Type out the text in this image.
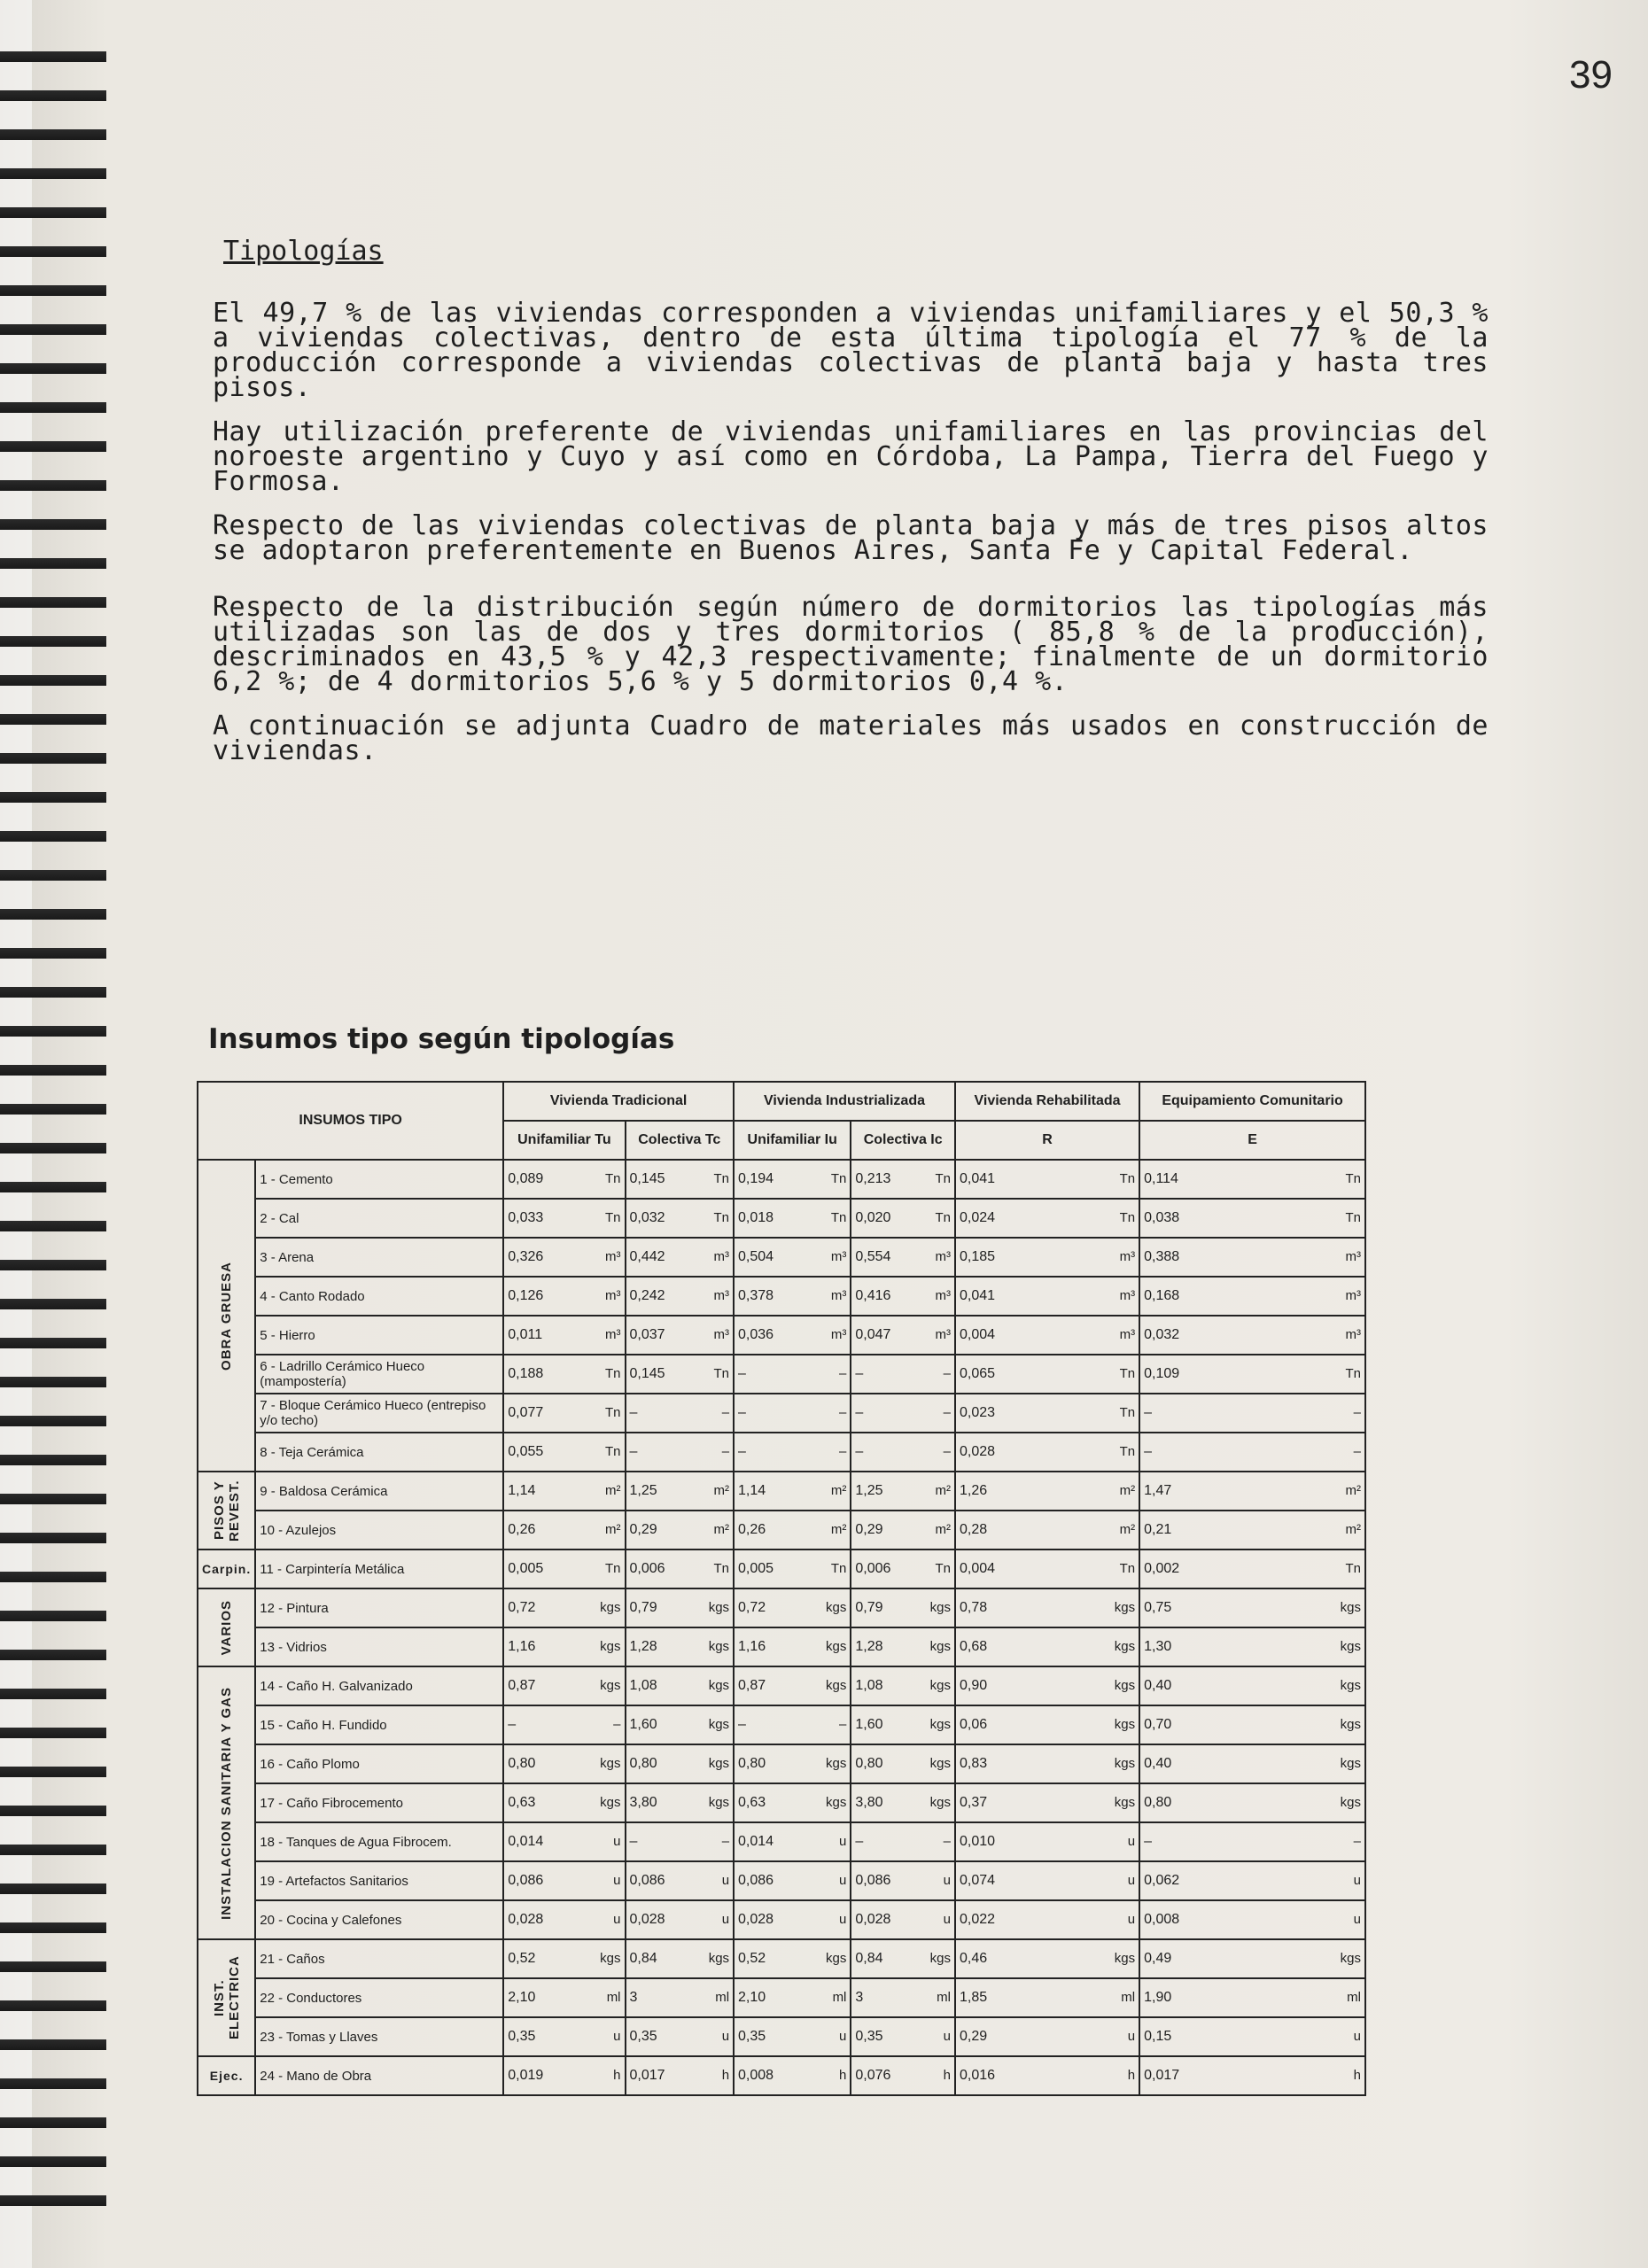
39
Tipologías

El 49,7 % de las viviendas corresponden a viviendas unifamiliares y el 50,3 % a viviendas colectivas, dentro de esta última tipología el 77 % de la producción corresponde a viviendas colectivas de planta baja y hasta tres pisos.

Hay utilización preferente de viviendas unifamiliares en las provincias del noroeste argentino y Cuyo y así como en Córdoba, La Pampa, Tierra del Fuego y Formosa.

Respecto de las viviendas colectivas de planta baja y más de tres pisos altos se adoptaron preferentemente en Buenos Aires, Santa Fe y Capital Federal.

Respecto de la distribución según número de dormitorios las tipologías más utilizadas son las de dos y tres dormitorios ( 85,8 % de la producción), descriminados en 43,5 % y 42,3 respectivamente; finalmente de un dormitorio 6,2 %; de 4 dormitorios 5,6 % y 5 dormitorios 0,4 %.

A continuación se adjunta Cuadro de materiales más usados en construcción de viviendas.

Insumos tipo según tipologías
INSUMOS TIPO		Vivienda Tradicional		Vivienda Industrializada		Vivienda Rehabilitada	Equipamiento Comunitario
		Unifamiliar Tu	Colectiva Tc	Unifamiliar Iu	Colectiva Ic	R	E

OBRA GRUESA	1 - Cemento	0,089 Tn	0,145 Tn	0,194 Tn	0,213 Tn	0,041 Tn	0,114 Tn

	2 - Cal	0,033 Tn	0,032 Tn	0,018 Tn	0,020 Tn	0,024 Tn	0,038 Tn

	3 - Arena	0,326 m³	0,442 m³	0,504 m³	0,554 m³	0,185 m³	0,388 m³

	4 - Canto Rodado	0,126 m³	0,242 m³	0,378 m³	0,416 m³	0,041 m³	0,168 m³

	5 - Hierro	0,011 m³	0,037 m³	0,036 m³	0,047 m³	0,004 m³	0,032 m³

	6 - Ladrillo Cerámico Hueco (mampostería)	0,188 Tn	0,145 Tn	– –	– –	0,065 Tn	0,109 Tn

	7 - Bloque Cerámico Hueco (entrepiso y/o techo)	0,077 Tn	– –	– –	– –	0,023 Tn	– –

	8 - Teja Cerámica	0,055 Tn	– –	– –	– –	0,028 Tn	– –

PISOS Y REVEST.	9 - Baldosa Cerámica	1,14 m²	1,25 m²	1,14 m²	1,25 m²	1,26 m²	1,47 m²

	10 - Azulejos	0,26 m²	0,29 m²	0,26 m²	0,29 m²	0,28 m²	0,21 m²

Carpin.	11 - Carpintería Metálica	0,005 Tn	0,006 Tn	0,005 Tn	0,006 Tn	0,004 Tn	0,002 Tn

VARIOS	12 - Pintura	0,72 kgs	0,79 kgs	0,72 kgs	0,79 kgs	0,78 kgs	0,75 kgs

	13 - Vidrios	1,16 kgs	1,28 kgs	1,16 kgs	1,28 kgs	0,68 kgs	1,30 kgs

INSTALACION SANITARIA Y GAS	14 - Caño H. Galvanizado	0,87 kgs	1,08 kgs	0,87 kgs	1,08 kgs	0,90 kgs	0,40 kgs

	15 - Caño H. Fundido	– –	1,60 kgs	– –	1,60 kgs	0,06 kgs	0,70 kgs

	16 - Caño Plomo	0,80 kgs	0,80 kgs	0,80 kgs	0,80 kgs	0,83 kgs	0,40 kgs

	17 - Caño Fibrocemento	0,63 kgs	3,80 kgs	0,63 kgs	3,80 kgs	0,37 kgs	0,80 kgs

	18 - Tanques de Agua Fibrocem.	0,014 u	– –	0,014 u	– –	0,010 u	– –

	19 - Artefactos Sanitarios	0,086 u	0,086 u	0,086 u	0,086 u	0,074 u	0,062 u

	20 - Cocina y Calefones	0,028 u	0,028 u	0,028 u	0,028 u	0,022 u	0,008 u

INST. ELECTRICA	21 - Caños	0,52 kgs	0,84 kgs	0,52 kgs	0,84 kgs	0,46 kgs	0,49 kgs

	22 - Conductores	2,10 ml	3 ml	2,10 ml	3 ml	1,85 ml	1,90 ml

	23 - Tomas y Llaves	0,35 u	0,35 u	0,35 u	0,35 u	0,29 u	0,15 u

Ejec.	24 - Mano de Obra	0,019 h	0,017 h	0,008 h	0,076 h	0,016 h	0,017 h
